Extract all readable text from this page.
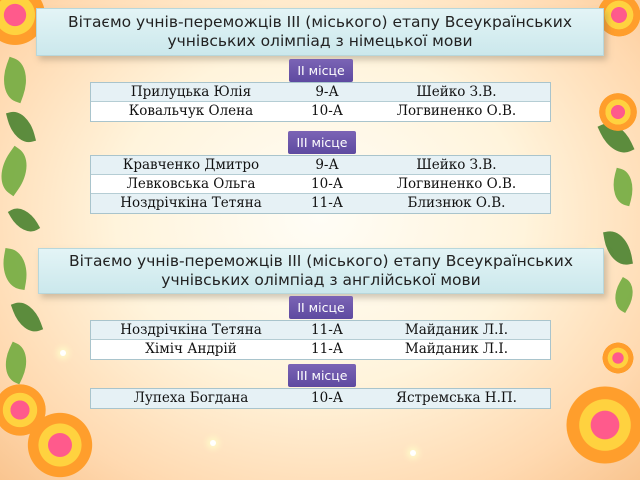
Вітаємо учнів-переможців ІІІ (міського) етапу Всеукраїнських
учнівських олімпіад з німецької мови
ІІ місце
Прилуцька Юлія	9-А	Шейко З.В.
Ковальчук Олена	10-А	Логвиненко О.В.
ІІІ місце
Кравченко Дмитро	9-А	Шейко З.В.
Левковська Ольга	10-А	Логвиненко О.В.
Ноздрічкіна Тетяна	11-А	Близнюк О.В.
Вітаємо учнів-переможців ІІІ (міського) етапу Всеукраїнських
учнівських олімпіад з англійської мови
ІІ місце
Ноздрічкіна Тетяна	11-А	Майданик Л.І.
Хіміч Андрій	11-А	Майданик Л.І.
ІІІ місце
Лупеха Богдана	10-А	Ястремська Н.П.
